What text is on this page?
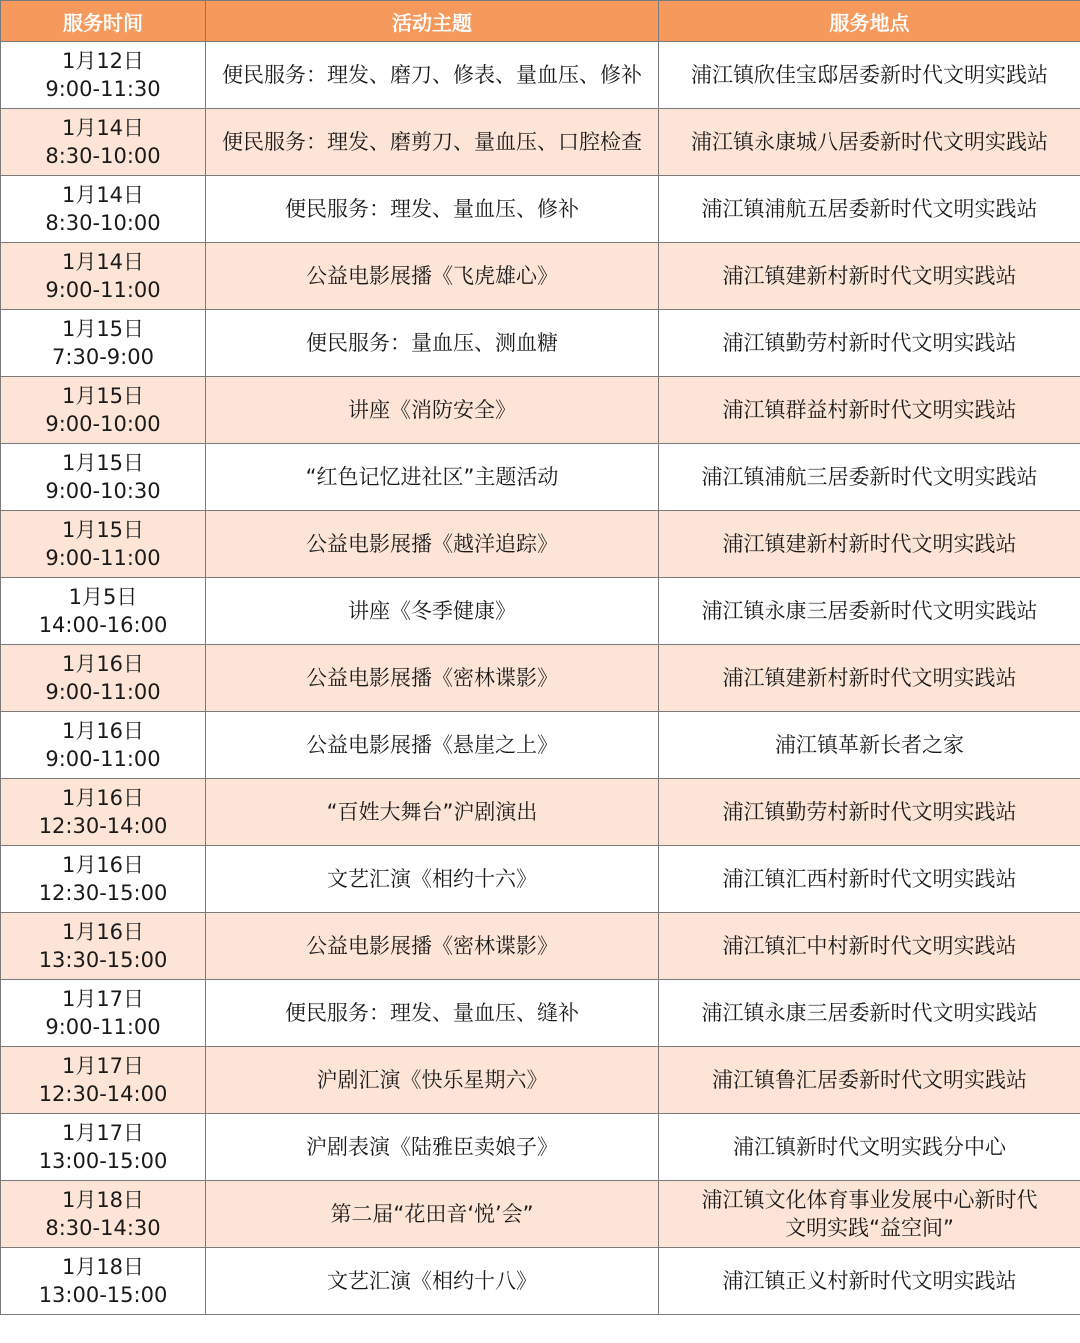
服务时间	活动主题	服务地点

1月12日
9:00-11:30	便民服务：理发、磨刀、修表、量血压、修补	浦江镇欣佳宝邸居委新时代文明实践站

1月14日
8:30-10:00	便民服务：理发、磨剪刀、量血压、口腔检查	浦江镇永康城八居委新时代文明实践站

1月14日
8:30-10:00	便民服务：理发、量血压、修补	浦江镇浦航五居委新时代文明实践站

1月14日
9:00-11:00	公益电影展播《飞虎雄心》	浦江镇建新村新时代文明实践站

1月15日
7:30-9:00	便民服务：量血压、测血糖	浦江镇勤劳村新时代文明实践站

1月15日
9:00-10:00	讲座《消防安全》	浦江镇群益村新时代文明实践站

1月15日
9:00-10:30	“红色记忆进社区”主题活动	浦江镇浦航三居委新时代文明实践站

1月15日
9:00-11:00	公益电影展播《越洋追踪》	浦江镇建新村新时代文明实践站

1月5日
14:00-16:00	讲座《冬季健康》	浦江镇永康三居委新时代文明实践站

1月16日
9:00-11:00	公益电影展播《密林谍影》	浦江镇建新村新时代文明实践站

1月16日
9:00-11:00	公益电影展播《悬崖之上》	浦江镇革新长者之家

1月16日
12:30-14:00	“百姓大舞台”沪剧演出	浦江镇勤劳村新时代文明实践站

1月16日
12:30-15:00	文艺汇演《相约十六》	浦江镇汇西村新时代文明实践站

1月16日
13:30-15:00	公益电影展播《密林谍影》	浦江镇汇中村新时代文明实践站

1月17日
9:00-11:00	便民服务：理发、量血压、缝补	浦江镇永康三居委新时代文明实践站

1月17日
12:30-14:00	沪剧汇演《快乐星期六》	浦江镇鲁汇居委新时代文明实践站

1月17日
13:00-15:00	沪剧表演《陆雅臣卖娘子》	浦江镇新时代文明实践分中心

1月18日
8:30-14:30	第二届“花田音‘悦’会”	浦江镇文化体育事业发展中心新时代
文明实践“益空间”

1月18日
13:00-15:00	文艺汇演《相约十八》	浦江镇正义村新时代文明实践站
